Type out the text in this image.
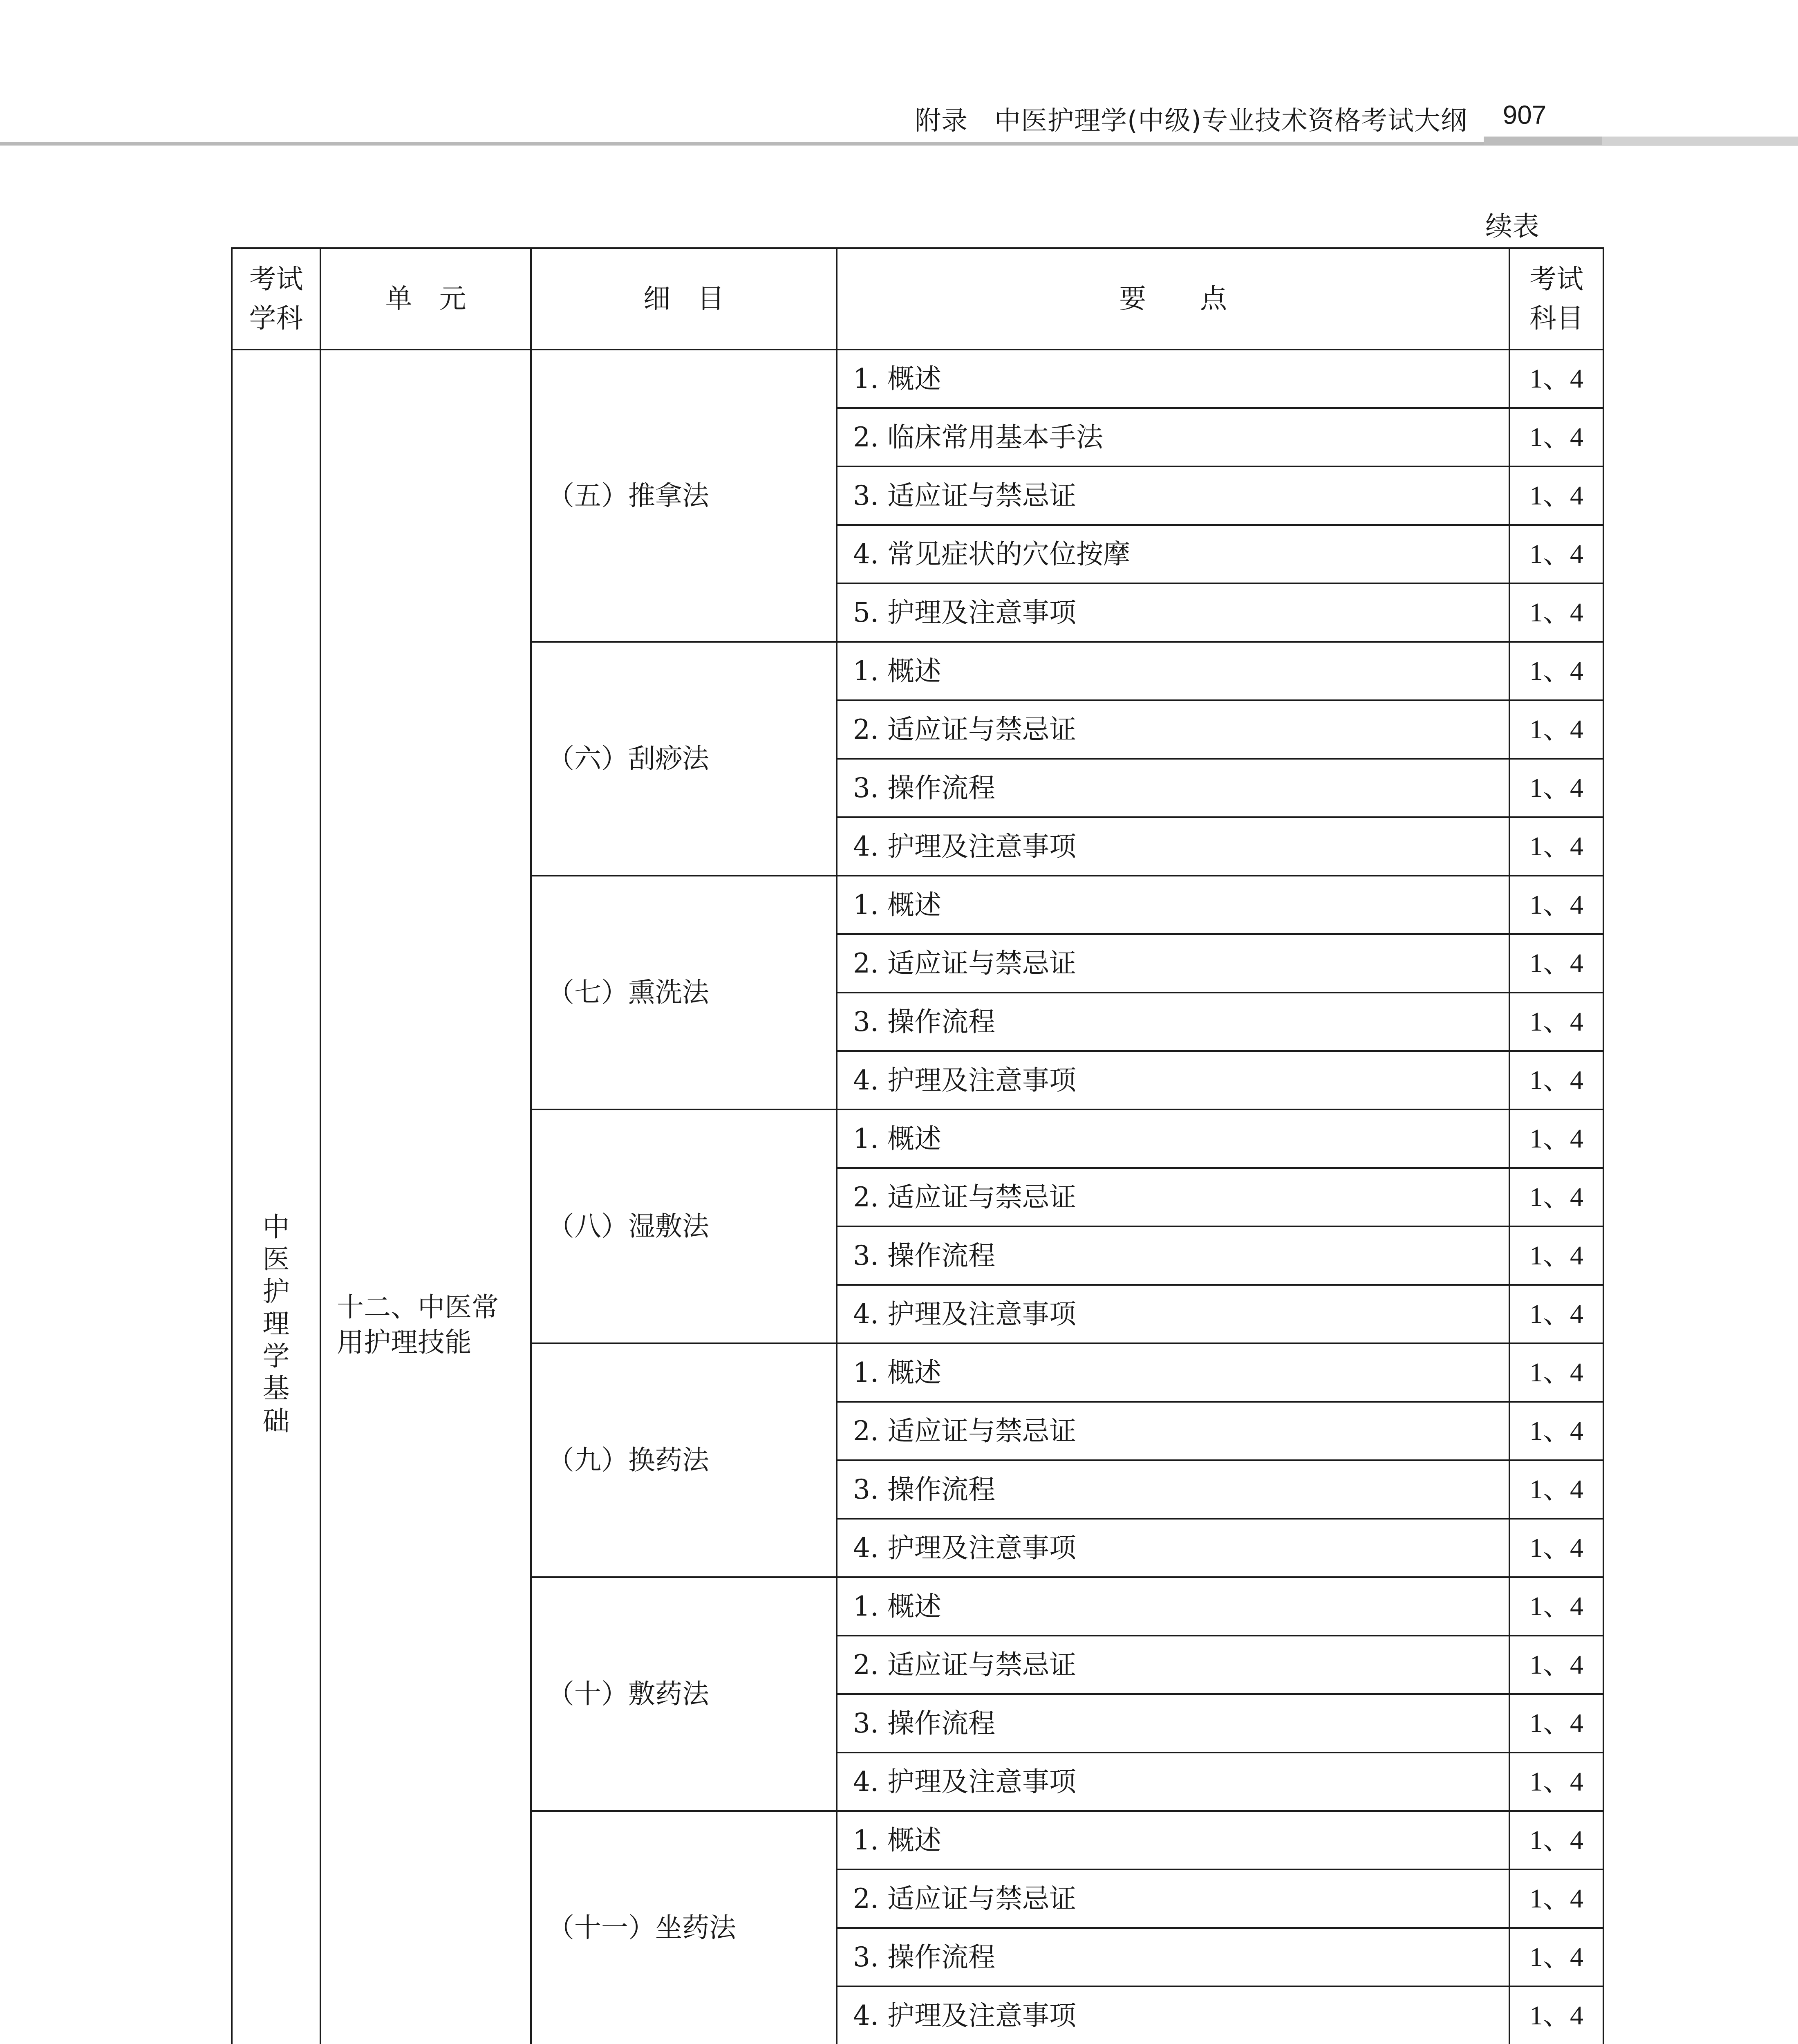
附录　中医护理学(中级)专业技术资格考试大纲	907
续表
考试学科	单　元	细　目	要　　点	考试科目
中医护理学基础	十二、中医常用护理技能	（五）推拿法	1. 概述	1、4
			2. 临床常用基本手法	1、4
			3. 适应证与禁忌证	1、4
			4. 常见症状的穴位按摩	1、4
			5. 护理及注意事项	1、4
		（六）刮痧法	1. 概述	1、4
			2. 适应证与禁忌证	1、4
			3. 操作流程	1、4
			4. 护理及注意事项	1、4
		（七）熏洗法	1. 概述	1、4
			2. 适应证与禁忌证	1、4
			3. 操作流程	1、4
			4. 护理及注意事项	1、4
		（八）湿敷法	1. 概述	1、4
			2. 适应证与禁忌证	1、4
			3. 操作流程	1、4
			4. 护理及注意事项	1、4
		（九）换药法	1. 概述	1、4
			2. 适应证与禁忌证	1、4
			3. 操作流程	1、4
			4. 护理及注意事项	1、4
		（十）敷药法	1. 概述	1、4
			2. 适应证与禁忌证	1、4
			3. 操作流程	1、4
			4. 护理及注意事项	1、4
		（十一）坐药法	1. 概述	1、4
			2. 适应证与禁忌证	1、4
			3. 操作流程	1、4
			4. 护理及注意事项	1、4
